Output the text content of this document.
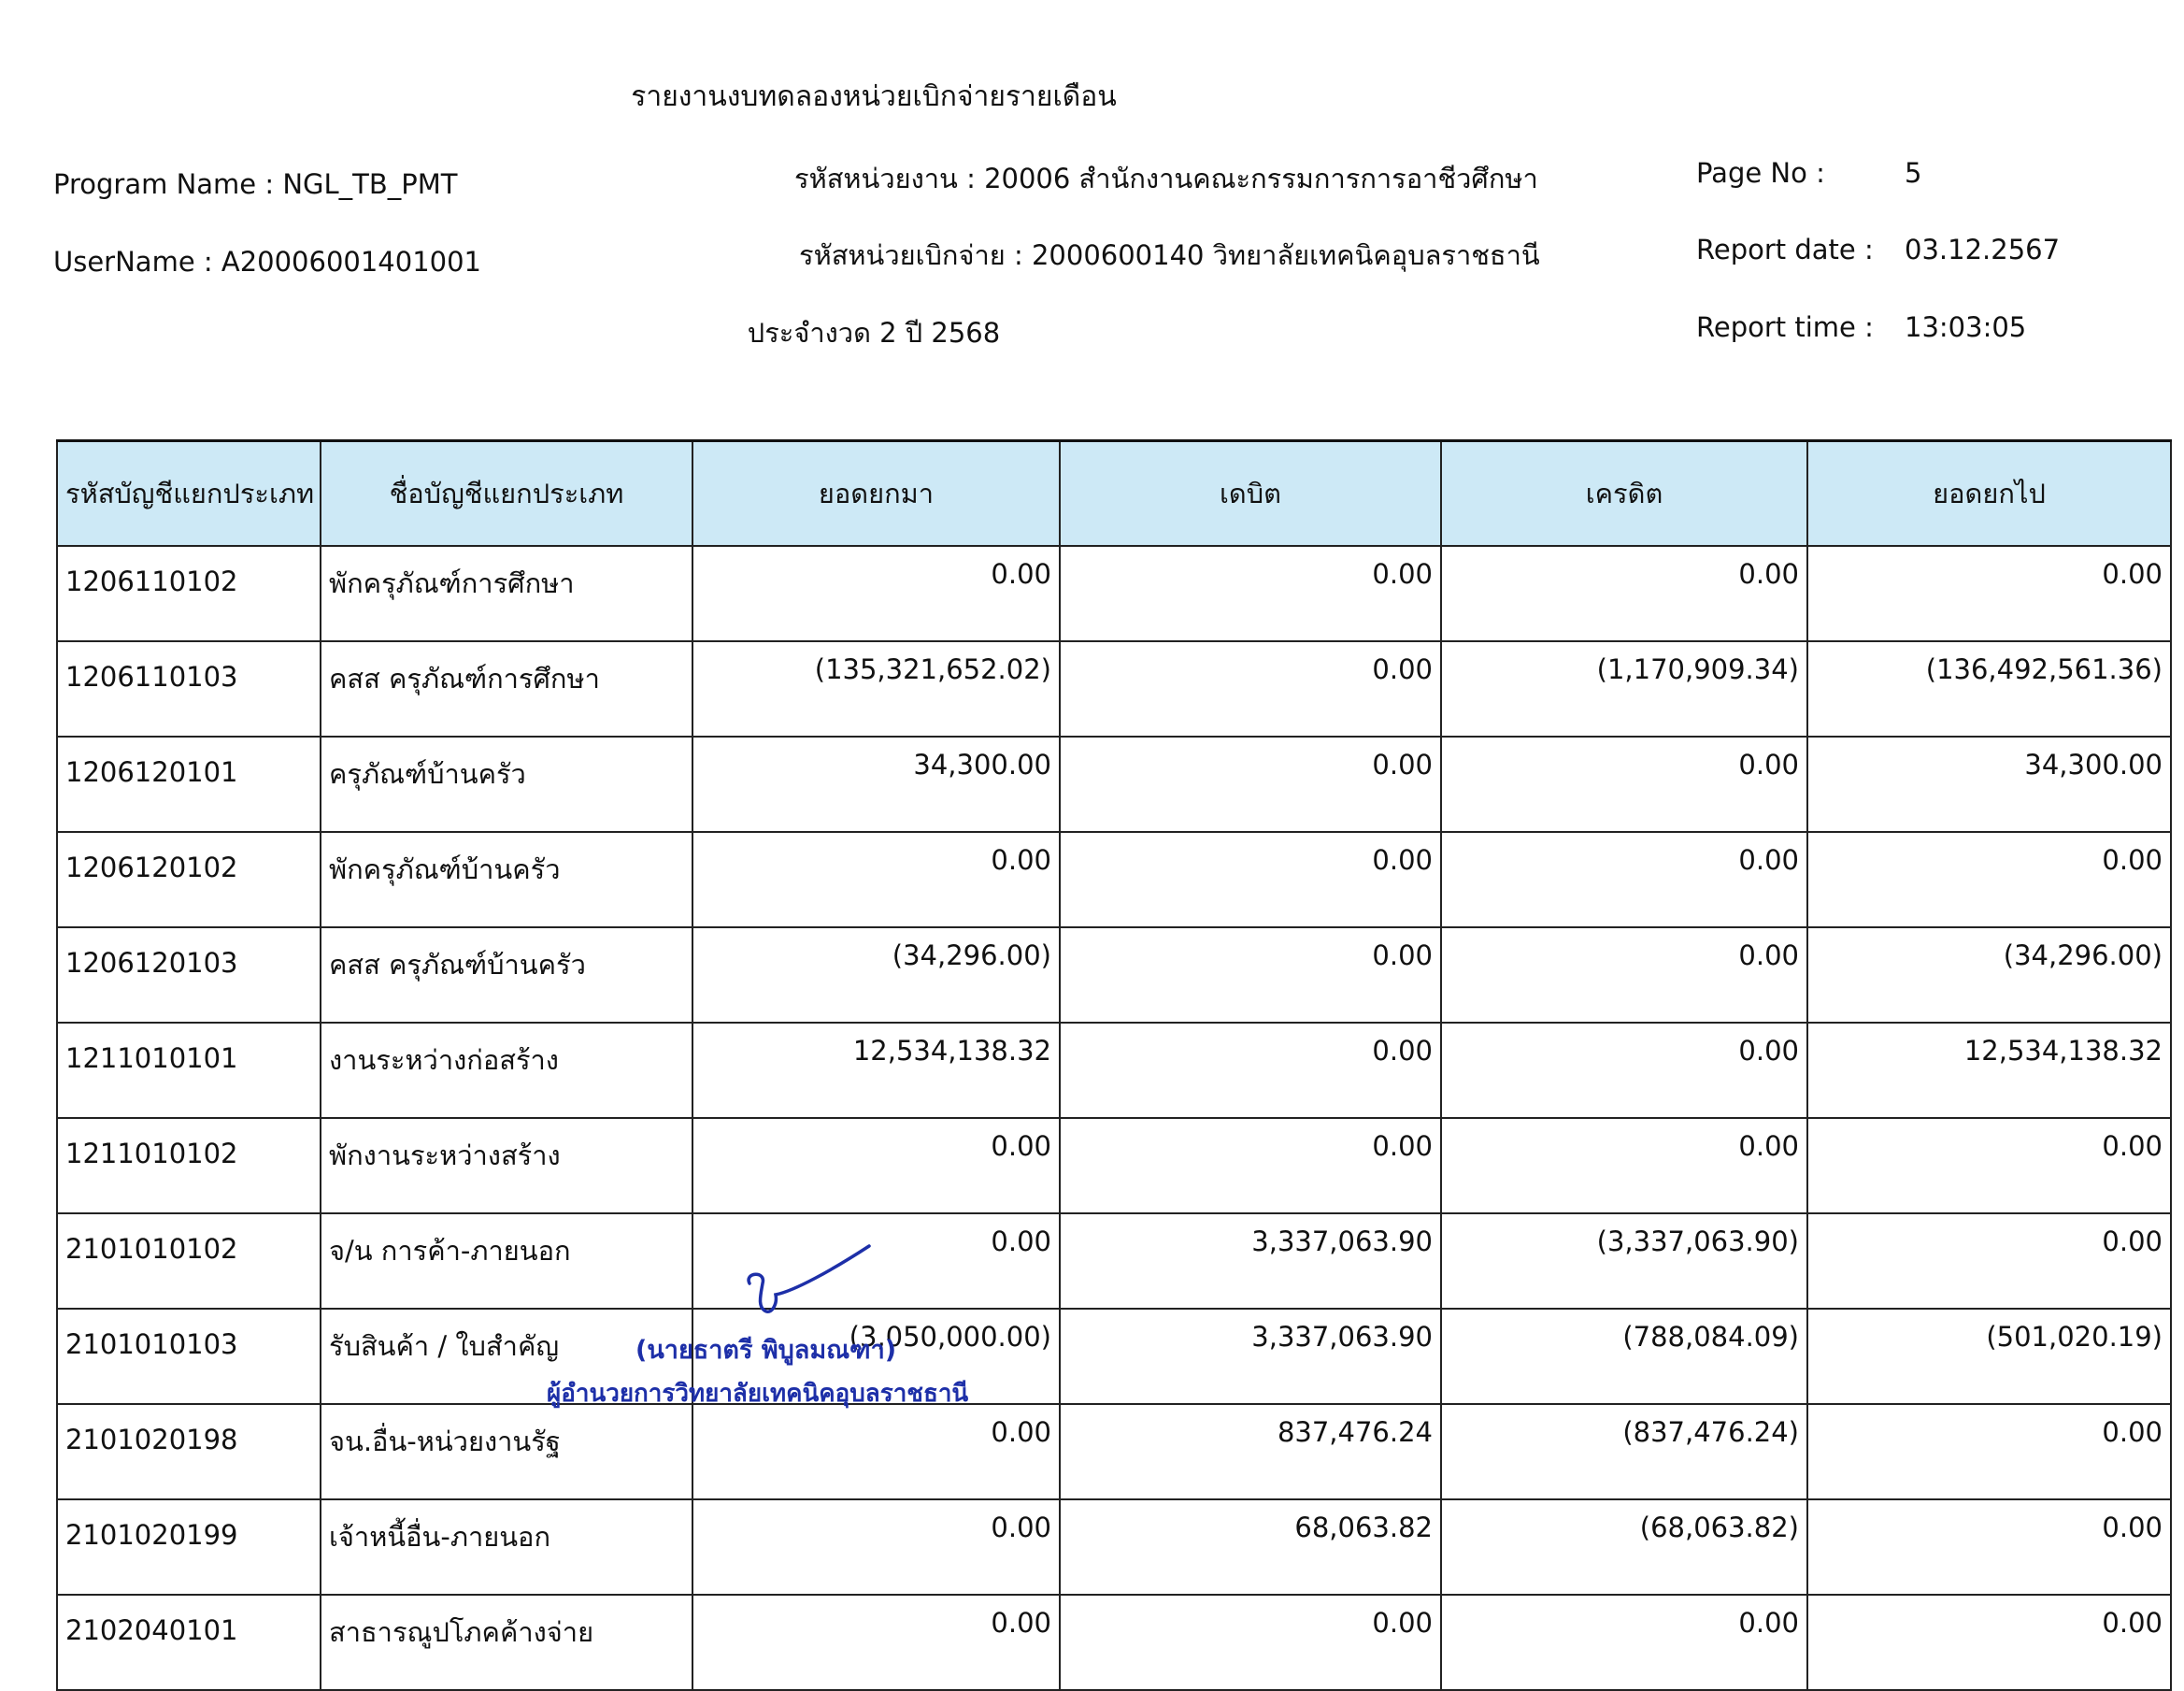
รายงานงบทดลองหน่วยเบิกจ่ายรายเดือน
Program Name : NGL_TB_PMT
UserName : A20006001401001
รหัสหน่วยงาน : 20006 สำนักงานคณะกรรมการการอาชีวศึกษา
รหัสหน่วยเบิกจ่าย : 2000600140 วิทยาลัยเทคนิคอุบลราชธานี
ประจำงวด 2 ปี 2568
Page No :	5
Report date : 03.12.2567
Report time : 13:03:05
รหัสบัญชีแยกประเภท	ชื่อบัญชีแยกประเภท	ยอดยกมา	เดบิต	เครดิต	ยอดยกไป
1206110102	พักครุภัณฑ์การศึกษา	0.00	0.00	0.00	0.00
1206110103	คสส ครุภัณฑ์การศึกษา	(135,321,652.02)	0.00	(1,170,909.34)	(136,492,561.36)
1206120101	ครุภัณฑ์บ้านครัว	34,300.00	0.00	0.00	34,300.00
1206120102	พักครุภัณฑ์บ้านครัว	0.00	0.00	0.00	0.00
1206120103	คสส ครุภัณฑ์บ้านครัว	(34,296.00)	0.00	0.00	(34,296.00)
1211010101	งานระหว่างก่อสร้าง	12,534,138.32	0.00	0.00	12,534,138.32
1211010102	พักงานระหว่างสร้าง	0.00	0.00	0.00	0.00
2101010102	จ/น การค้า-ภายนอก	0.00	3,337,063.90	(3,337,063.90)	0.00
2101010103	รับสินค้า / ใบสำคัญ	(3,050,000.00)	3,337,063.90	(788,084.09)	(501,020.19)
2101020198	จน.อื่น-หน่วยงานรัฐ	0.00	837,476.24	(837,476.24)	0.00
2101020199	เจ้าหนี้อื่น-ภายนอก	0.00	68,063.82	(68,063.82)	0.00
2102040101	สาธารณูปโภคค้างจ่าย	0.00	0.00	0.00	0.00
(นายธาตรี พิบูลมณฑา)
ผู้อำนวยการวิทยาลัยเทคนิคอุบลราชธานี
